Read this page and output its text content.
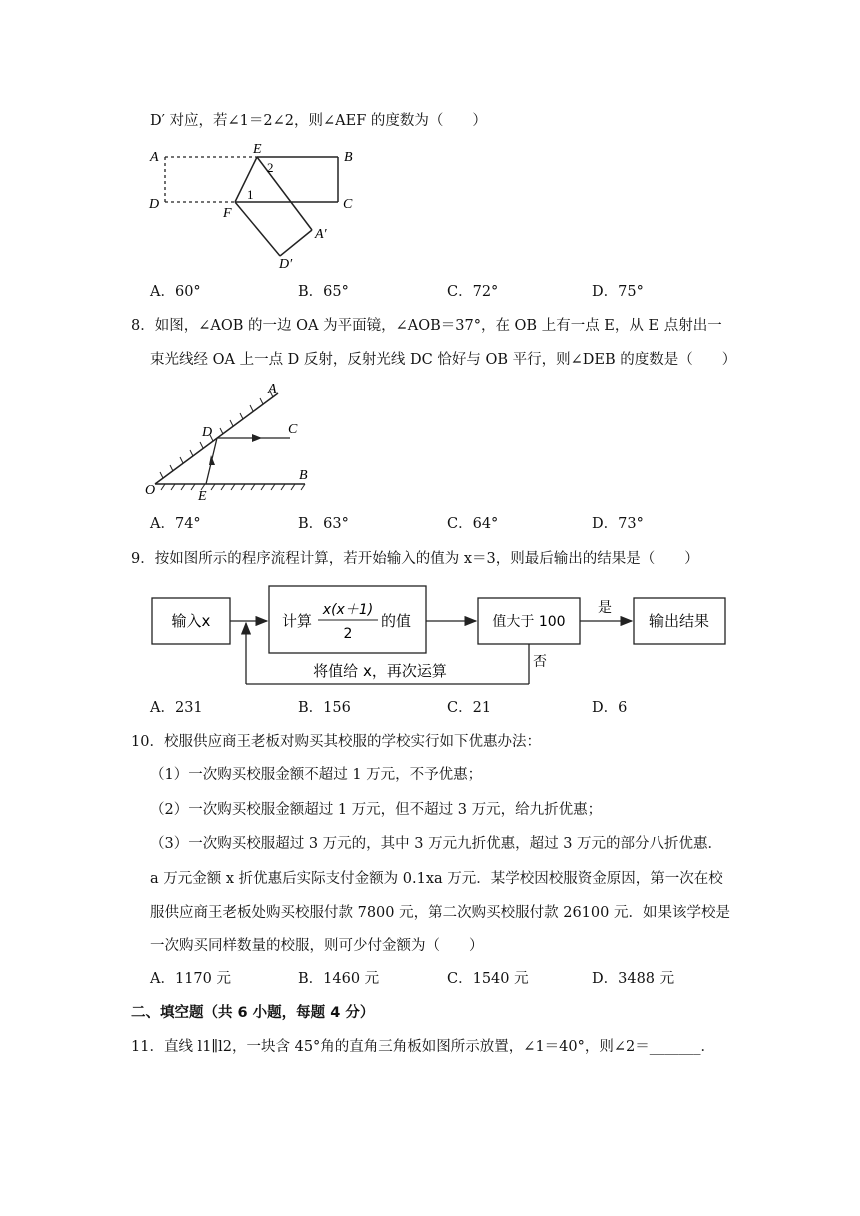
D′ 对应，若∠1＝2∠2，则∠AEF 的度数为（　　）
A	B
C
D
E
F
A′
D′
1
2
A．60°	B．65°	C．72°	D．75°
8．如图，∠AOB 的一边 OA 为平面镜，∠AOB＝37°，在 OB 上有一点 E，从 E 点射出一
束光线经 OA 上一点 D 反射，反射光线 DC 恰好与 OB 平行，则∠DEB 的度数是（　　）
A
B
C
D
E
O
A．74°	B．63°	C．64°	D．73°
9．按如图所示的程序流程计算，若开始输入的值为 x＝3，则最后输出的结果是（　　）
输入x	计算
x(x＋1)
2
的值	值大于 100
是
输出结果
否
将值给 x，再次运算
A．231	B．156	C．21	D．6
10．校服供应商王老板对购买其校服的学校实行如下优惠办法：
（1）一次购买校服金额不超过 1 万元，不予优惠；
（2）一次购买校服金额超过 1 万元，但不超过 3 万元，给九折优惠；
（3）一次购买校服超过 3 万元的，其中 3 万元九折优惠，超过 3 万元的部分八折优惠．
a 万元金额 x 折优惠后实际支付金额为 0.1xa 万元．某学校因校服资金原因，第一次在校
服供应商王老板处购买校服付款 7800 元，第二次购买校服付款 26100 元．如果该学校是
一次购买同样数量的校服，则可少付金额为（　　）
A．1170 元	B．1460 元	C．1540 元	D．3488 元
二、填空题（共 6 小题，每题 4 分）
11．直线 l1∥l2，一块含 45°角的直角三角板如图所示放置，∠1＝40°，则∠2＝_______．
